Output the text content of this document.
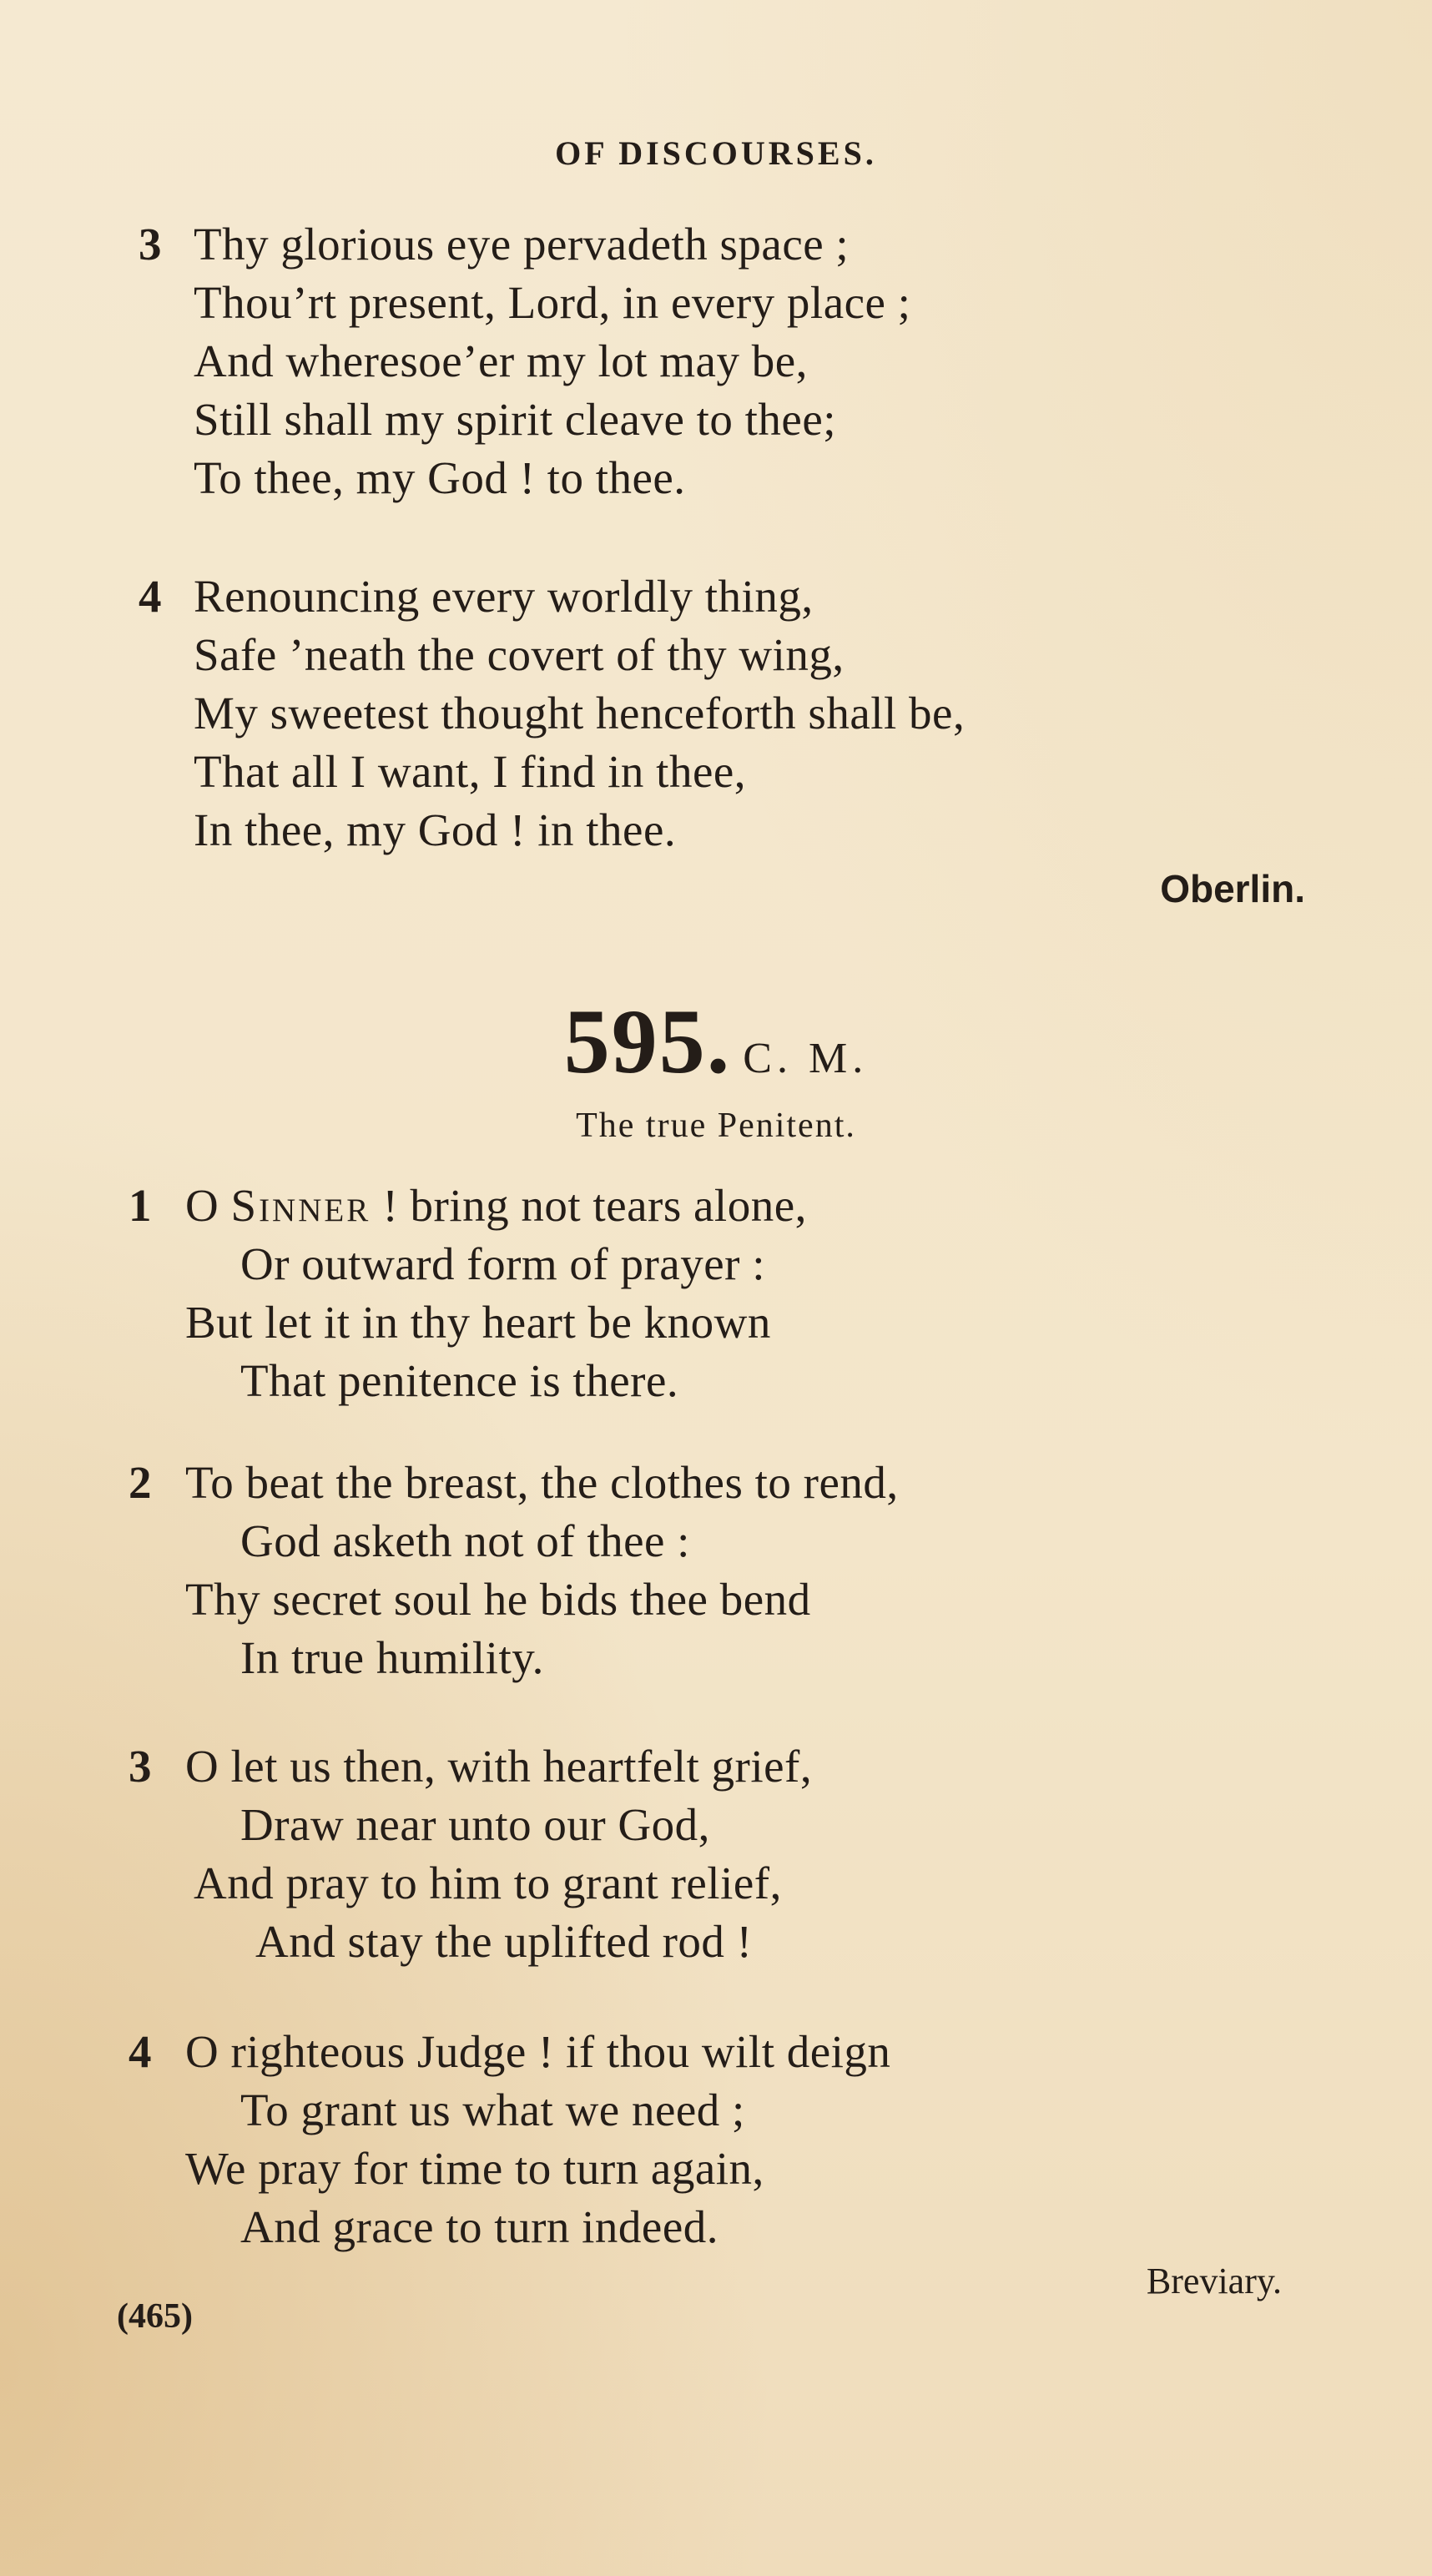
OF DISCOURSES.
3 Thy glorious eye pervadeth space ;
Thou’rt present, Lord, in every place ;
And wheresoe’er my lot may be,
Still shall my spirit cleave to thee;
To thee, my God ! to thee.
4 Renouncing every worldly thing,
Safe ’neath the covert of thy wing,
My sweetest thought henceforth shall be,
That all I want, I find in thee,
In thee, my God ! in thee.
Oberlin.
595. C. M.
The true Penitent.
1 O Sinner ! bring not tears alone,
Or outward form of prayer :
But let it in thy heart be known
That penitence is there.
2 To beat the breast, the clothes to rend,
God asketh not of thee :
Thy secret soul he bids thee bend
In true humility.
3 O let us then, with heartfelt grief,
Draw near unto our God,
And pray to him to grant relief,
And stay the uplifted rod !
4 O righteous Judge ! if thou wilt deign
To grant us what we need ;
We pray for time to turn again,
And grace to turn indeed.
Breviary.
(465)
